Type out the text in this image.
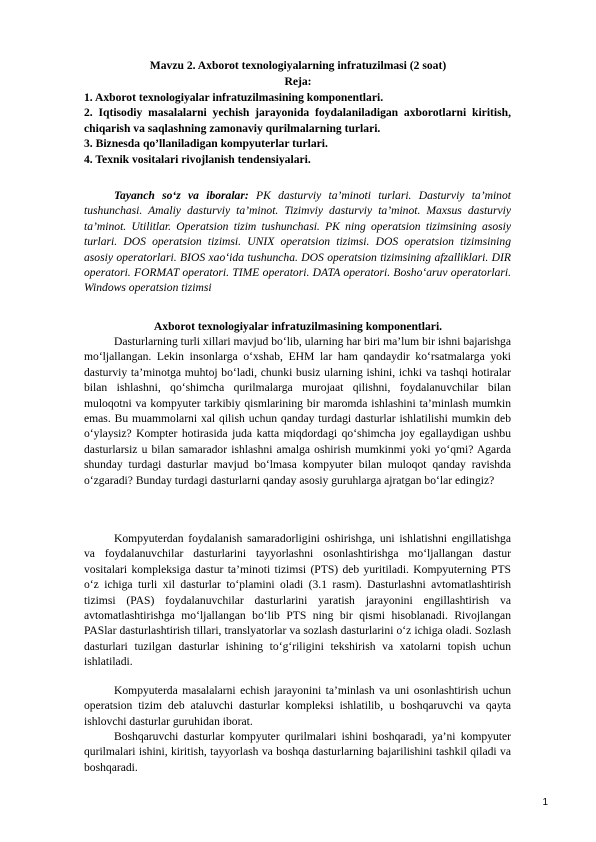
Mavzu 2. Axborot texnologiyalarning infratuzilmasi (2 soat)
Reja:
1. Axborot texnologiyalar infratuzilmasining komponentlari.
2. Iqtisodiy masalalarni yechish jarayonida foydalaniladigan axborotlarni kiritish, chiqarish va saqlashning zamonaviy qurilmalarning turlari.
3. Biznesda qo’llaniladigan kompyuterlar turlari.
4. Texnik vositalari rivojlanish tendensiyalari.

Tayanch so‘z va iboralar: PK dasturviy ta’minoti turlari. Dasturviy ta’minot tushunchasi. Amaliy dasturviy ta’minot. Tizimviy dasturviy ta’minot. Maxsus dasturviy ta’minot. Utilitlar. Operatsion tizim tushunchasi. PK ning operatsion tizimsining asosiy turlari. DOS operatsion tizimsi. UNIX operatsion tizimsi. DOS operatsion tizimsining asosiy operatorlari. BIOS xao‘ida tushuncha. DOS operatsion tizimsining afzalliklari. DIR operatori. FORMAT operatori. TIME operatori. DATA operatori. Bosho‘aruv operatorlari. Windows operatsion tizimsi

Axborot texnologiyalar infratuzilmasining komponentlari.

Dasturlarning turli xillari mavjud bo‘lib, ularning har biri ma’lum bir ishni bajarishga mo‘ljallangan. Lekin insonlarga o‘xshab, EHM lar ham qandaydir ko‘rsatmalarga yoki dasturviy ta’minotga muhtoj bo‘ladi, chunki busiz ularning ishini, ichki va tashqi hotiralar bilan ishlashni, qo‘shimcha qurilmalarga murojaat qilishni, foydalanuvchilar bilan muloqotni va kompyuter tarkibiy qismlarining bir maromda ishlashini ta’minlash mumkin emas. Bu muammolarni xal qilish uchun qanday turdagi dasturlar ishlatilishi mumkin deb o‘ylaysiz? Kompter hotirasida juda katta miqdordagi qo‘shimcha joy egallaydigan ushbu dasturlarsiz u bilan samarador ishlashni amalga oshirish mumkinmi yoki yo‘qmi? Agarda shunday turdagi dasturlar mavjud bo‘lmasa kompyuter bilan muloqot qanday ravishda o‘zgaradi? Bunday turdagi dasturlarni qanday asosiy guruhlarga ajratgan bo‘lar edingiz?

Kompyuterdan foydalanish samaradorligini oshirishga, uni ishlatishni engillatishga va foydalanuvchilar dasturlarini tayyorlashni osonlashtirishga mo‘ljallangan dastur vositalari kompleksiga dastur ta’minoti tizimsi (PTS) deb yuritiladi. Kompyuterning PTS o‘z ichiga turli xil dasturlar to‘plamini oladi (3.1 rasm). Dasturlashni avtomatlashtirish tizimsi (PAS) foydalanuvchilar dasturlarini yaratish jarayonini engillashtirish va avtomatlashtirishga mo‘ljallangan bo‘lib PTS ning bir qismi hisoblanadi. Rivojlangan PASlar dasturlashtirish tillari, translyatorlar va sozlash dasturlarini o‘z ichiga oladi. Sozlash dasturlari tuzilgan dasturlar ishining to‘g‘riligini tekshirish va xatolarni topish uchun ishlatiladi.

Kompyuterda masalalarni echish jarayonini ta’minlash va uni osonlashtirish uchun operatsion tizim deb ataluvchi dasturlar kompleksi ishlatilib, u boshqaruvchi va qayta ishlovchi dasturlar guruhidan iborat.

Boshqaruvchi dasturlar kompyuter qurilmalari ishini boshqaradi, ya’ni kompyuter qurilmalari ishini, kiritish, tayyorlash va boshqa dasturlarning bajarilishini tashkil qiladi va boshqaradi.

1
